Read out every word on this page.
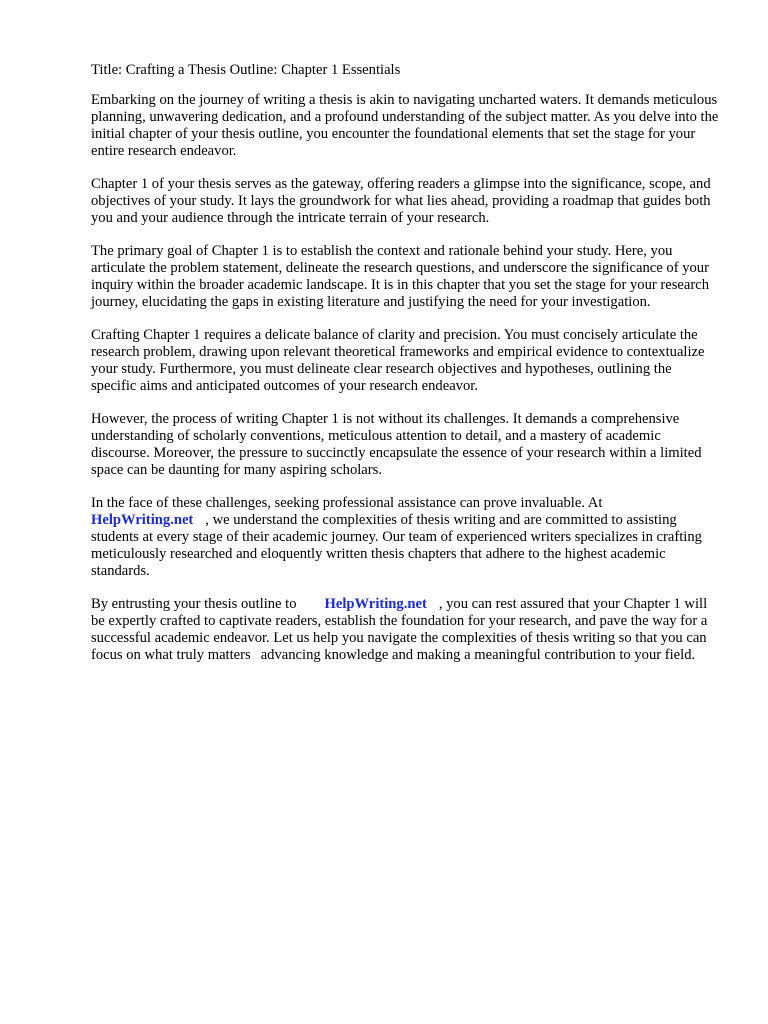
Title: Crafting a Thesis Outline: Chapter 1 Essentials

Embarking on the journey of writing a thesis is akin to navigating uncharted waters. It demands meticulous planning, unwavering dedication, and a profound understanding of the subject matter. As you delve into the initial chapter of your thesis outline, you encounter the foundational elements that set the stage for your entire research endeavor.

Chapter 1 of your thesis serves as the gateway, offering readers a glimpse into the significance, scope, and objectives of your study. It lays the groundwork for what lies ahead, providing a roadmap that guides both you and your audience through the intricate terrain of your research.

The primary goal of Chapter 1 is to establish the context and rationale behind your study. Here, you articulate the problem statement, delineate the research questions, and underscore the significance of your inquiry within the broader academic landscape. It is in this chapter that you set the stage for your research journey, elucidating the gaps in existing literature and justifying the need for your investigation.

Crafting Chapter 1 requires a delicate balance of clarity and precision. You must concisely articulate the research problem, drawing upon relevant theoretical frameworks and empirical evidence to contextualize your study. Furthermore, you must delineate clear research objectives and hypotheses, outlining the specific aims and anticipated outcomes of your research endeavor.

However, the process of writing Chapter 1 is not without its challenges. It demands a comprehensive understanding of scholarly conventions, meticulous attention to detail, and a mastery of academic discourse. Moreover, the pressure to succinctly encapsulate the essence of your research within a limited space can be daunting for many aspiring scholars.

In the face of these challenges, seeking professional assistance can prove invaluable. At
HelpWriting.net , we understand the complexities of thesis writing and are committed to assisting students at every stage of their academic journey. Our team of experienced writers specializes in crafting meticulously researched and eloquently written thesis chapters that adhere to the highest academic standards.

By entrusting your thesis outline to HelpWriting.net , you can rest assured that your Chapter 1 will be expertly crafted to captivate readers, establish the foundation for your research, and pave the way for a successful academic endeavor. Let us help you navigate the complexities of thesis writing so that you can focus on what truly matters advancing knowledge and making a meaningful contribution to your field.
